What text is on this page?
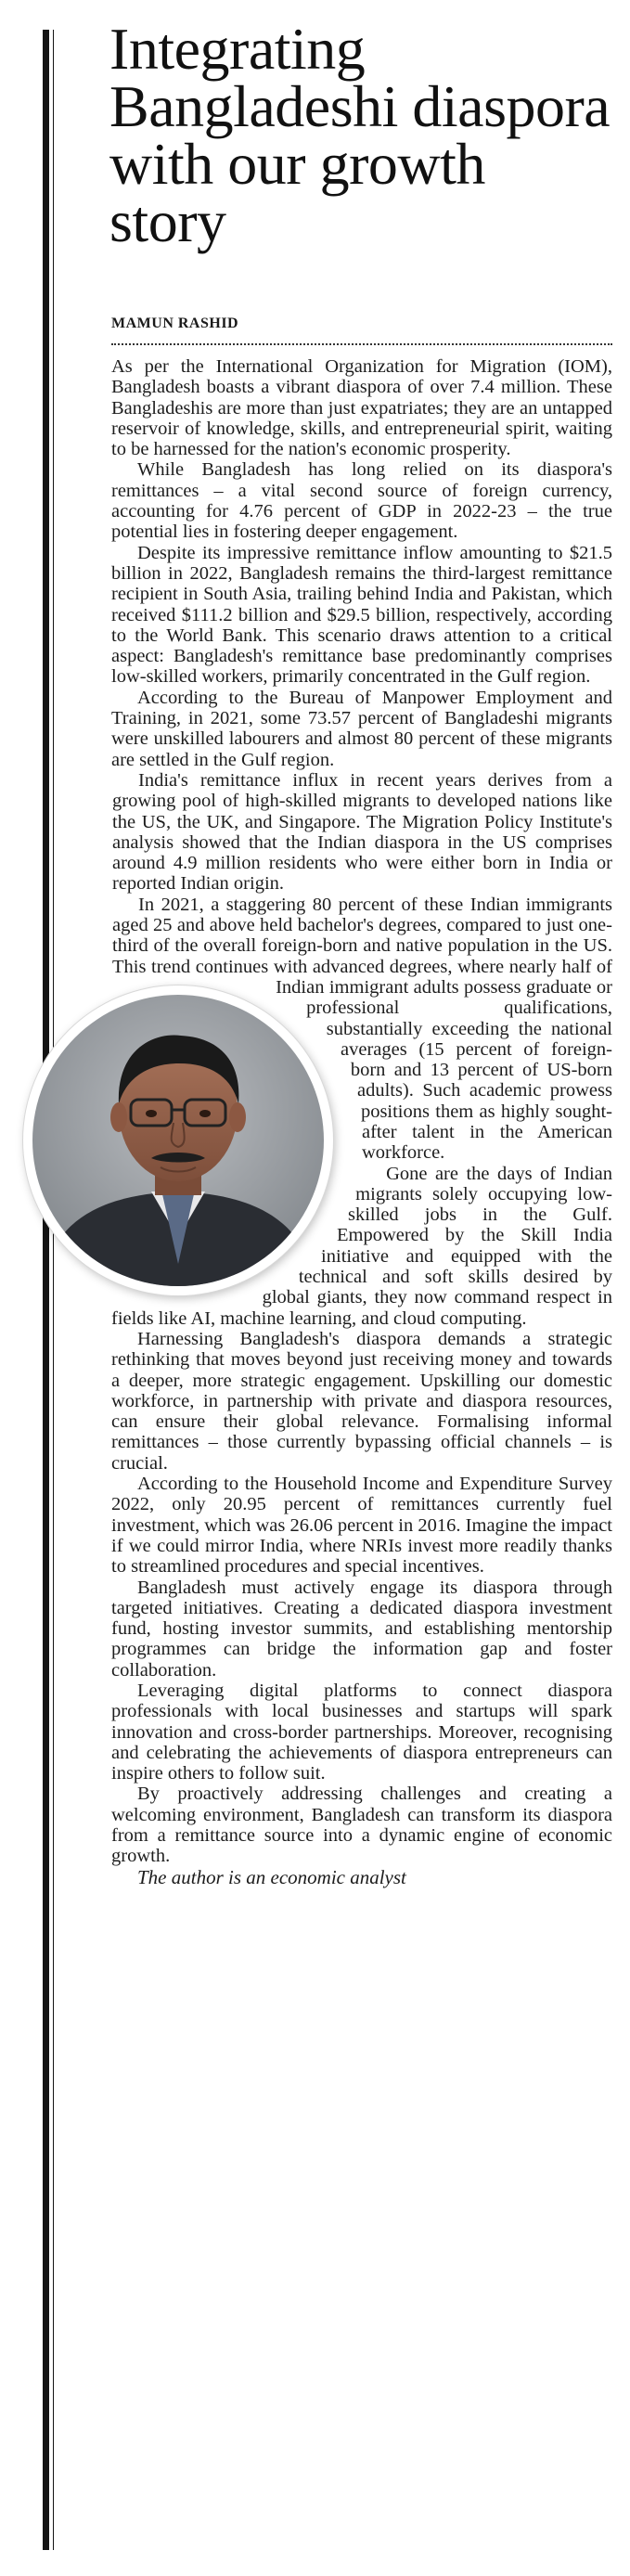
Integrating Bangladeshi diaspora with our growth story
MAMUN RASHID

As per the International Organization for Migration (IOM), Bangladesh boasts a vibrant diaspora of over 7.4 million. These Bangladeshis are more than just expatriates; they are an untapped reservoir of knowledge, skills, and entrepreneurial spirit, waiting to be harnessed for the nation's economic prosperity.

While Bangladesh has long relied on its diaspora's remittances – a vital second source of foreign currency, accounting for 4.76 percent of GDP in 2022-23 – the true potential lies in fostering deeper engagement.

Despite its impressive remittance inflow amounting to $21.5 billion in 2022, Bangladesh remains the third-largest remittance recipient in South Asia, trailing behind India and Pakistan, which received $111.2 billion and $29.5 billion, respectively, according to the World Bank. This scenario draws attention to a critical aspect: Bangladesh's remittance base predominantly comprises low-skilled workers, primarily concentrated in the Gulf region.

According to the Bureau of Manpower Employment and Training, in 2021, some 73.57 percent of Bangladeshi migrants were unskilled labourers and almost 80 percent of these migrants are settled in the Gulf region.

India's remittance influx in recent years derives from a growing pool of high-skilled migrants to developed nations like the US, the UK, and Singapore. The Migration Policy Institute's analysis showed that the Indian diaspora in the US comprises around 4.9 million residents who were either born in India or reported Indian origin.

In 2021, a staggering 80 percent of these Indian immigrants aged 25 and above held bachelor's degrees, compared to just one-third of the overall foreign-born and native population in the US. This trend continues with advanced degrees, where nearly half of Indian immigrant adults possess graduate or professional qualifications, substantially exceeding the national averages (15 percent of foreign-born and 13 percent of US-born adults). Such academic prowess positions them as highly sought-after talent in the American workforce.

Gone are the days of Indian migrants solely occupying low-skilled jobs in the Gulf. Empowered by the Skill India initiative and equipped with the technical and soft skills desired by global giants, they now command respect in fields like AI, machine learning, and cloud computing.

Harnessing Bangladesh's diaspora demands a strategic rethinking that moves beyond just receiving money and towards a deeper, more strategic engagement. Upskilling our domestic workforce, in partnership with private and diaspora resources, can ensure their global relevance. Formalising informal remittances – those currently bypassing official channels – is crucial.

According to the Household Income and Expenditure Survey 2022, only 20.95 percent of remittances currently fuel investment, which was 26.06 percent in 2016. Imagine the impact if we could mirror India, where NRIs invest more readily thanks to streamlined procedures and special incentives.

Bangladesh must actively engage its diaspora through targeted initiatives. Creating a dedicated diaspora investment fund, hosting investor summits, and establishing mentorship programmes can bridge the information gap and foster collaboration.

Leveraging digital platforms to connect diaspora professionals with local businesses and startups will spark innovation and cross-border partnerships. Moreover, recognising and celebrating the achievements of diaspora entrepreneurs can inspire others to follow suit.

By proactively addressing challenges and creating a welcoming environment, Bangladesh can transform its diaspora from a remittance source into a dynamic engine of economic growth.

The author is an economic analyst
